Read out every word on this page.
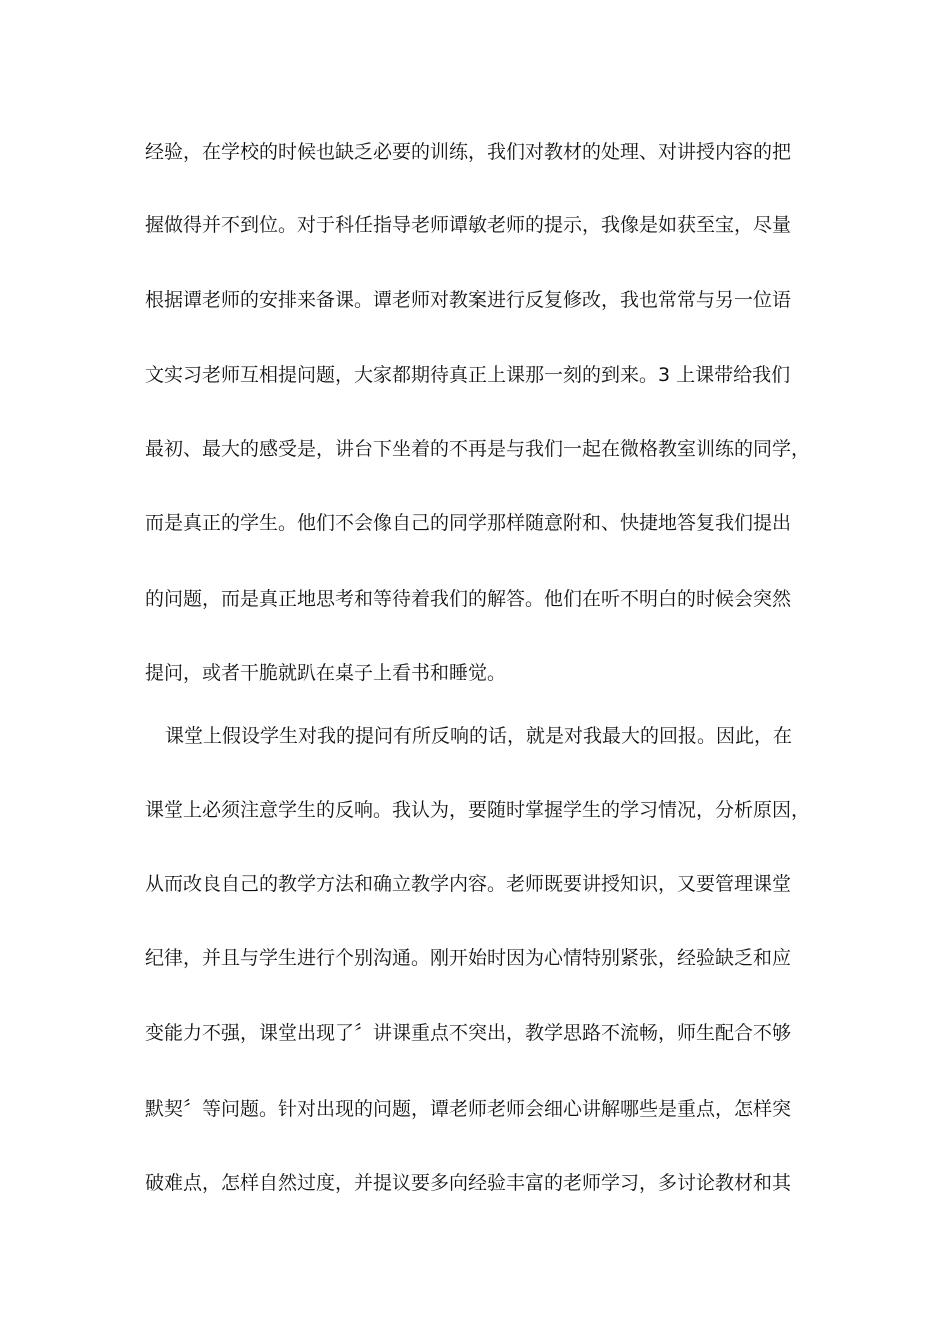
经验，在学校的时候也缺乏必要的训练，我们对教材的处理、对讲授内容的把
握做得并不到位。对于科任指导老师谭敏老师的提示，我像是如获至宝，尽量
根据谭老师的安排来备课。谭老师对教案进行反复修改，我也常常与另一位语
文实习老师互相提问题，大家都期待真正上课那一刻的到来。3 上课带给我们
最初、最大的感受是，讲台下坐着的不再是与我们一起在微格教室训练的同学，
而是真正的学生。他们不会像自己的同学那样随意附和、快捷地答复我们提出
的问题，而是真正地思考和等待着我们的解答。他们在听不明白的时候会突然
提问，或者干脆就趴在桌子上看书和睡觉。
课堂上假设学生对我的提问有所反响的话，就是对我最大的回报。因此，在
课堂上必须注意学生的反响。我认为，要随时掌握学生的学习情况，分析原因，
从而改良自己的教学方法和确立教学内容。老师既要讲授知识，又要管理课堂
纪律，并且与学生进行个别沟通。刚开始时因为心情特别紧张，经验缺乏和应
变能力不强，课堂出现了〞讲课重点不突出，教学思路不流畅，师生配合不够
默契〞等问题。针对出现的问题，谭老师老师会细心讲解哪些是重点，怎样突
破难点，怎样自然过度，并提议要多向经验丰富的老师学习，多讨论教材和其
